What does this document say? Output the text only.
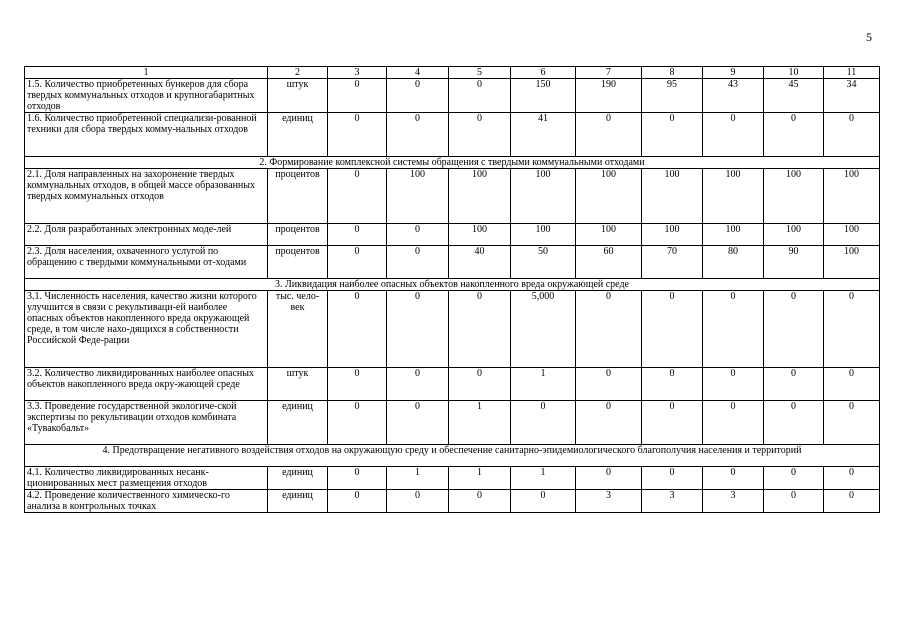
5
1	2	3	4	5	6	7	8	9	10	11
1.5. Количество приобретенных бункеров для сбора твердых коммунальных отходов и крупногабаритных отходов	штук	0	0	0	150	190	95	43	45	34
1.6. Количество приобретенной специализи-рованной техники для сбора твердых комму-нальных отходов	единиц	0	0	0	41	0	0	0	0	0
2. Формирование комплексной системы обращения с твердыми коммунальными отходами										
2.1. Доля направленных на захоронение твердых коммунальных отходов, в общей массе образованных твердых коммунальных отходов	процентов	0	100	100	100	100	100	100	100	100
2.2. Доля разработанных электронных моде-лей	процентов	0	0	100	100	100	100	100	100	100
2.3. Доля населения, охваченного услугой по обращению с твердыми коммунальными от-ходами	процентов	0	0	40	50	60	70	80	90	100
3. Ликвидация наиболее опасных объектов накопленного вреда окружающей среде										
3.1. Численность населения, качество жизни которого улучшится в связи с рекультиваци-ей наиболее опасных объектов накопленного вреда окружающей среде, в том числе нахо-дящихся в собственности Российской Феде-рации	тыс. чело-век	0	0	0	5,000	0	0	0	0	0
3.2. Количество ликвидированных наиболее опасных объектов накопленного вреда окру-жающей среде	штук	0	0	0	1	0	0	0	0	0
3.3. Проведение государственной экологиче-ской экспертизы по рекультивации отходов комбината «Тувакобальт»	единиц	0	0	1	0	0	0	0	0	0
4. Предотвращение негативного воздействия отходов на окружающую среду и обеспечение санитарно-эпидемиологического благополучия населения и территорий										
4.1. Количество ликвидированных несанк-ционированных мест размещения отходов	единиц	0	1	1	1	0	0	0	0	0
4.2. Проведение количественного химическо-го анализа в контрольных точках	единиц	0	0	0	0	3	3	3	0	0
